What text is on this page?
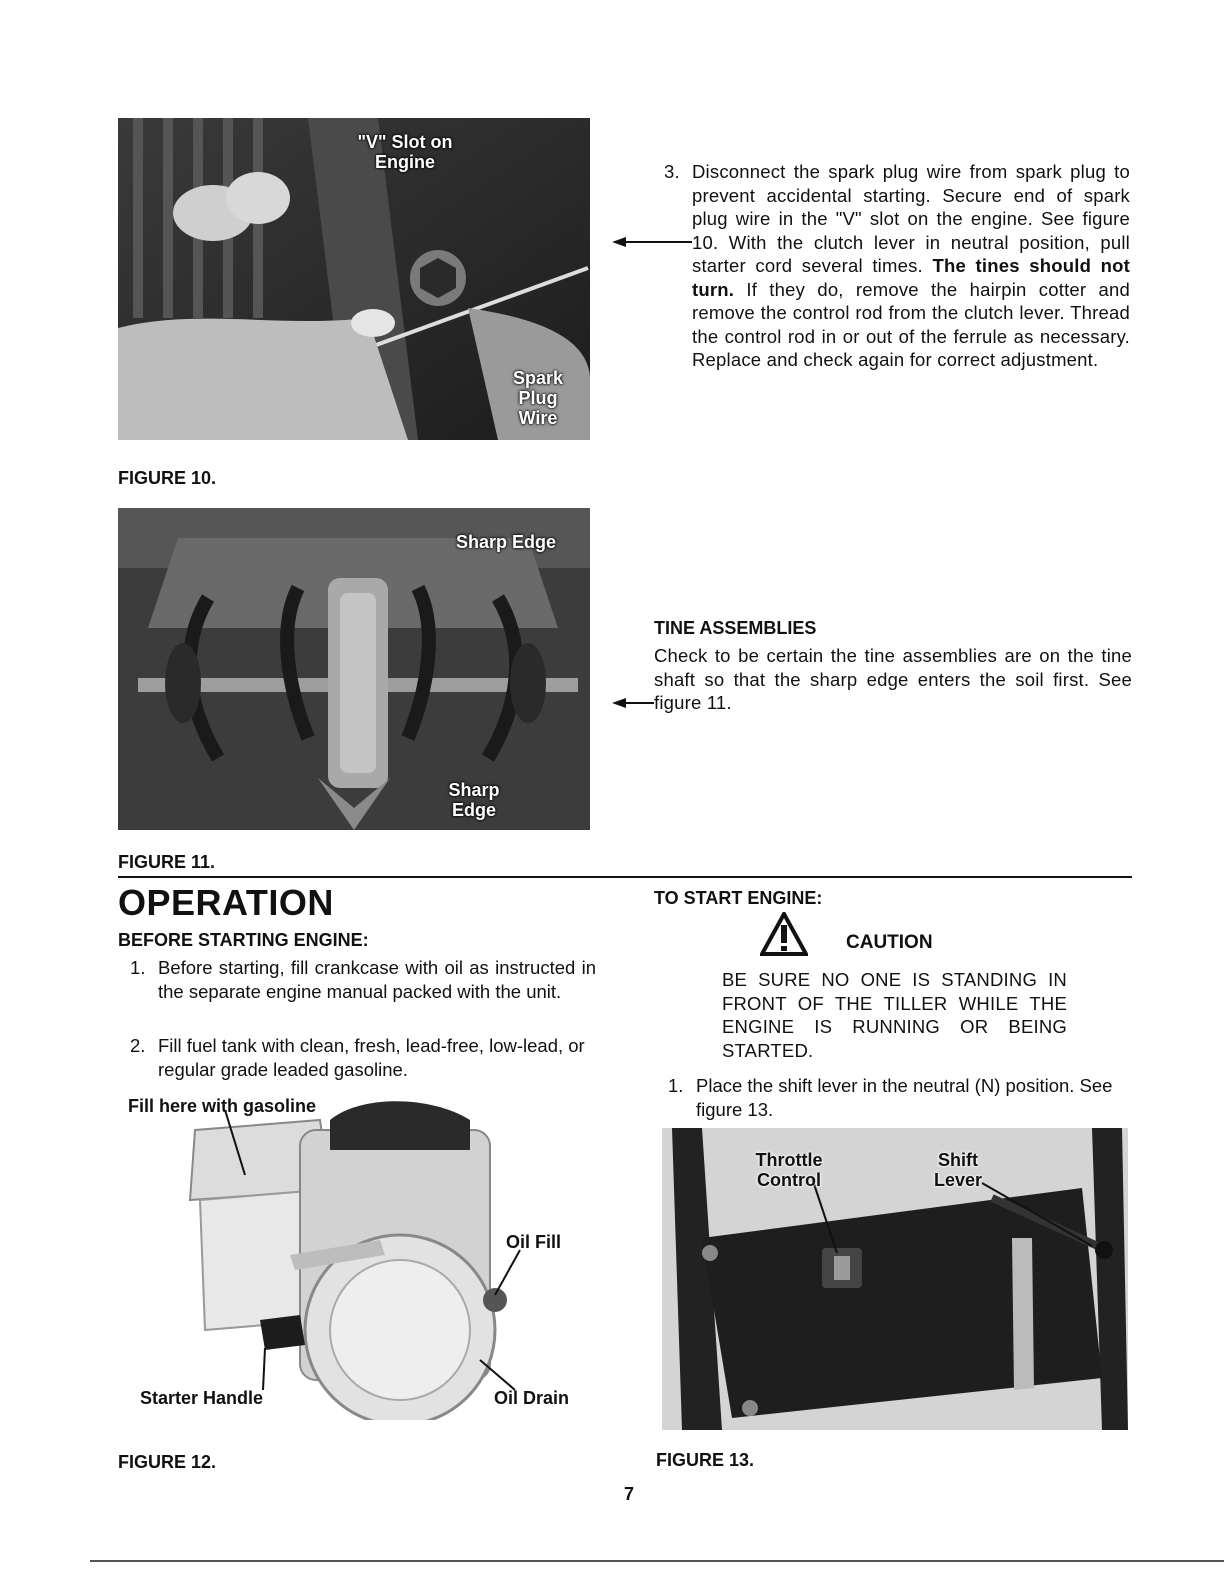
"V" Slot on Engine
Spark Plug Wire
FIGURE 10.
3. Disconnect the spark plug wire from spark plug to prevent accidental starting. Secure end of spark plug wire in the "V" slot on the engine. See figure 10. With the clutch lever in neutral position, pull starter cord several times. The tines should not turn. If they do, remove the hairpin cotter and remove the control rod from the clutch lever. Thread the control rod in or out of the ferrule as necessary. Replace and check again for correct adjustment.
Sharp Edge
Sharp Edge
FIGURE 11.
TINE ASSEMBLIES
Check to be certain the tine assemblies are on the tine shaft so that the sharp edge enters the soil first. See figure 11.
OPERATION
BEFORE STARTING ENGINE:
1. Before starting, fill crankcase with oil as instructed in the separate engine manual packed with the unit.
2. Fill fuel tank with clean, fresh, lead-free, low-lead, or regular grade leaded gasoline.
Fill here with gasoline
Oil Fill
Starter Handle	Oil Drain
FIGURE 12.
TO START ENGINE:
CAUTION
BE SURE NO ONE IS STANDING IN FRONT OF THE TILLER WHILE THE ENGINE IS RUNNING OR BEING STARTED.
1. Place the shift lever in the neutral (N) position. See figure 13.
Throttle Control
Shift Lever
FIGURE 13.
7
